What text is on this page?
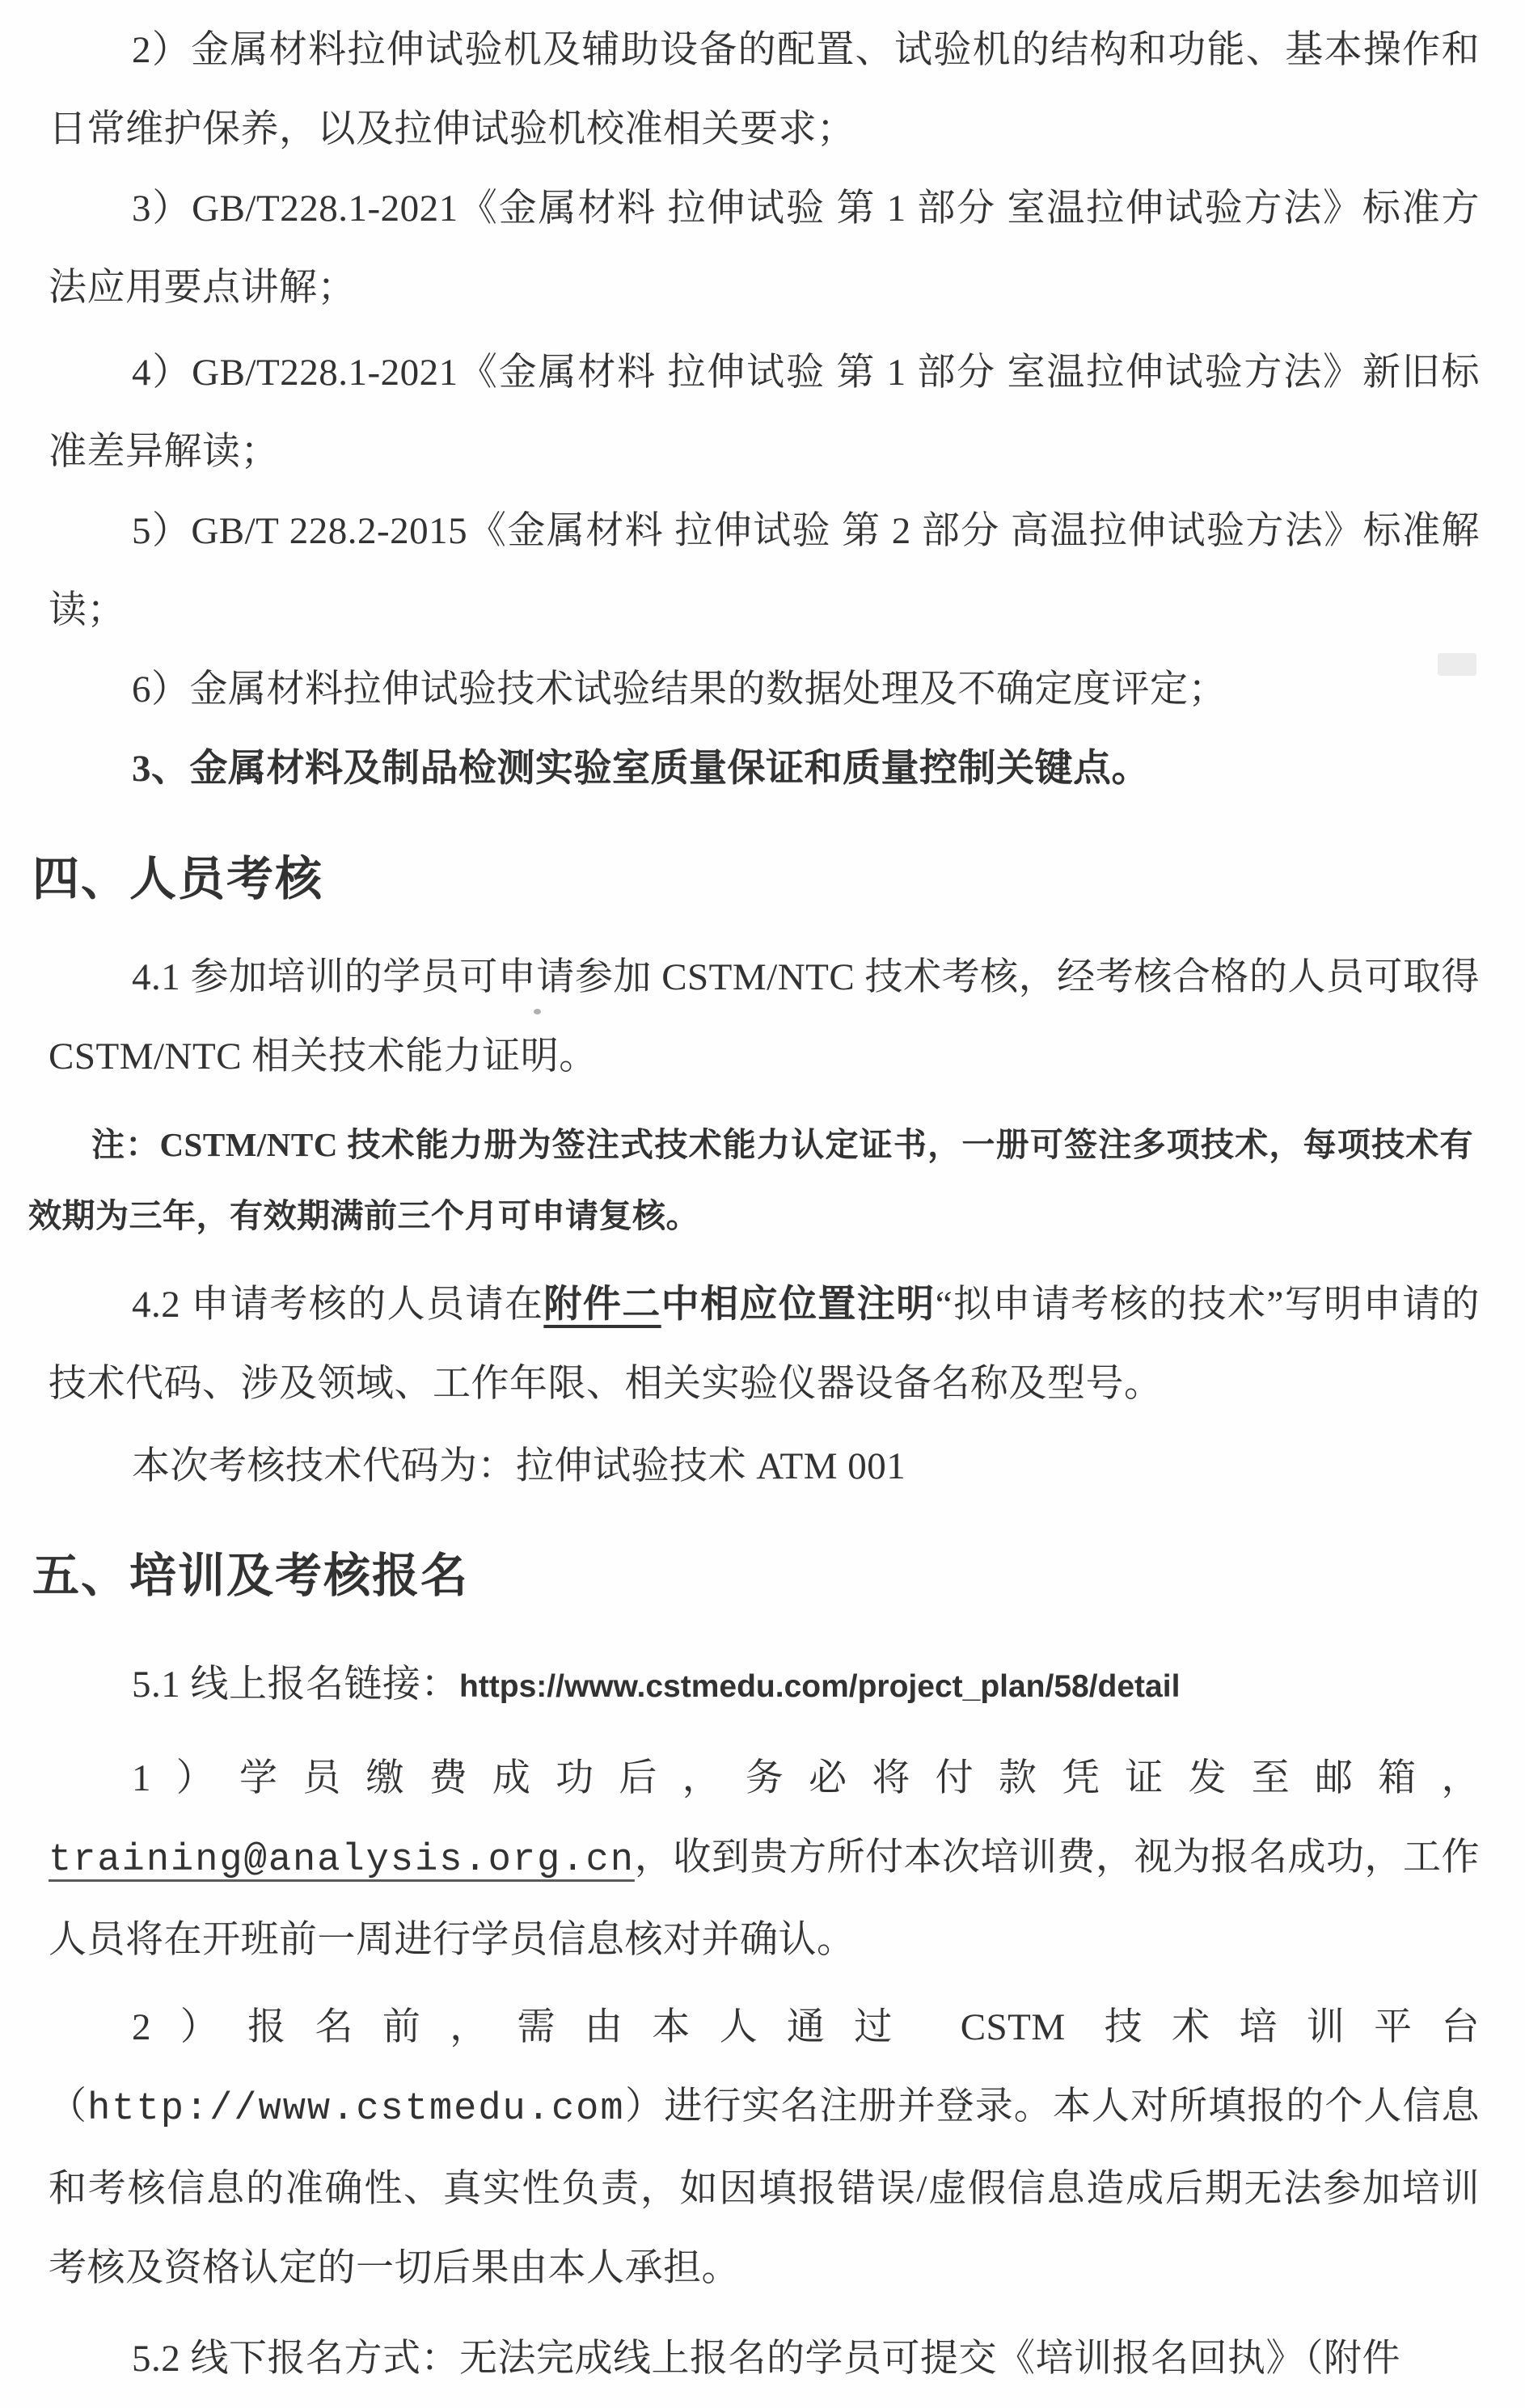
2）金属材料拉伸试验机及辅助设备的配置、试验机的结构和功能、基本操作和日常维护保养，以及拉伸试验机校准相关要求；

3）GB/T228.1-2021《金属材料 拉伸试验 第 1 部分 室温拉伸试验方法》标准方法应用要点讲解；

4）GB/T228.1-2021《金属材料 拉伸试验 第 1 部分 室温拉伸试验方法》新旧标准差异解读；

5）GB/T 228.2-2015《金属材料 拉伸试验 第 2 部分 高温拉伸试验方法》标准解读；

6）金属材料拉伸试验技术试验结果的数据处理及不确定度评定；

3、金属材料及制品检测实验室质量保证和质量控制关键点。

四、人员考核

4.1 参加培训的学员可申请参加 CSTM/NTC 技术考核，经考核合格的人员可取得 CSTM/NTC 相关技术能力证明。

注：CSTM/NTC 技术能力册为签注式技术能力认定证书，一册可签注多项技术，每项技术有效期为三年，有效期满前三个月可申请复核。

4.2 申请考核的人员请在附件二中相应位置注明“拟申请考核的技术”写明申请的技术代码、涉及领域、工作年限、相关实验仪器设备名称及型号。

本次考核技术代码为：拉伸试验技术 ATM 001

五、培训及考核报名

5.1 线上报名链接：https://www.cstmedu.com/project_plan/58/detail

1）学员缴费成功后，务必将付款凭证发至邮箱，training@analysis.org.cn，收到贵方所付本次培训费，视为报名成功，工作人员将在开班前一周进行学员信息核对并确认。

2）报名前，需由本人通过 CSTM 技术培训平台（http://www.cstmedu.com）进行实名注册并登录。本人对所填报的个人信息和考核信息的准确性、真实性负责，如因填报错误/虚假信息造成后期无法参加培训考核及资格认定的一切后果由本人承担。

5.2 线下报名方式：无法完成线上报名的学员可提交《培训报名回执》（附件
